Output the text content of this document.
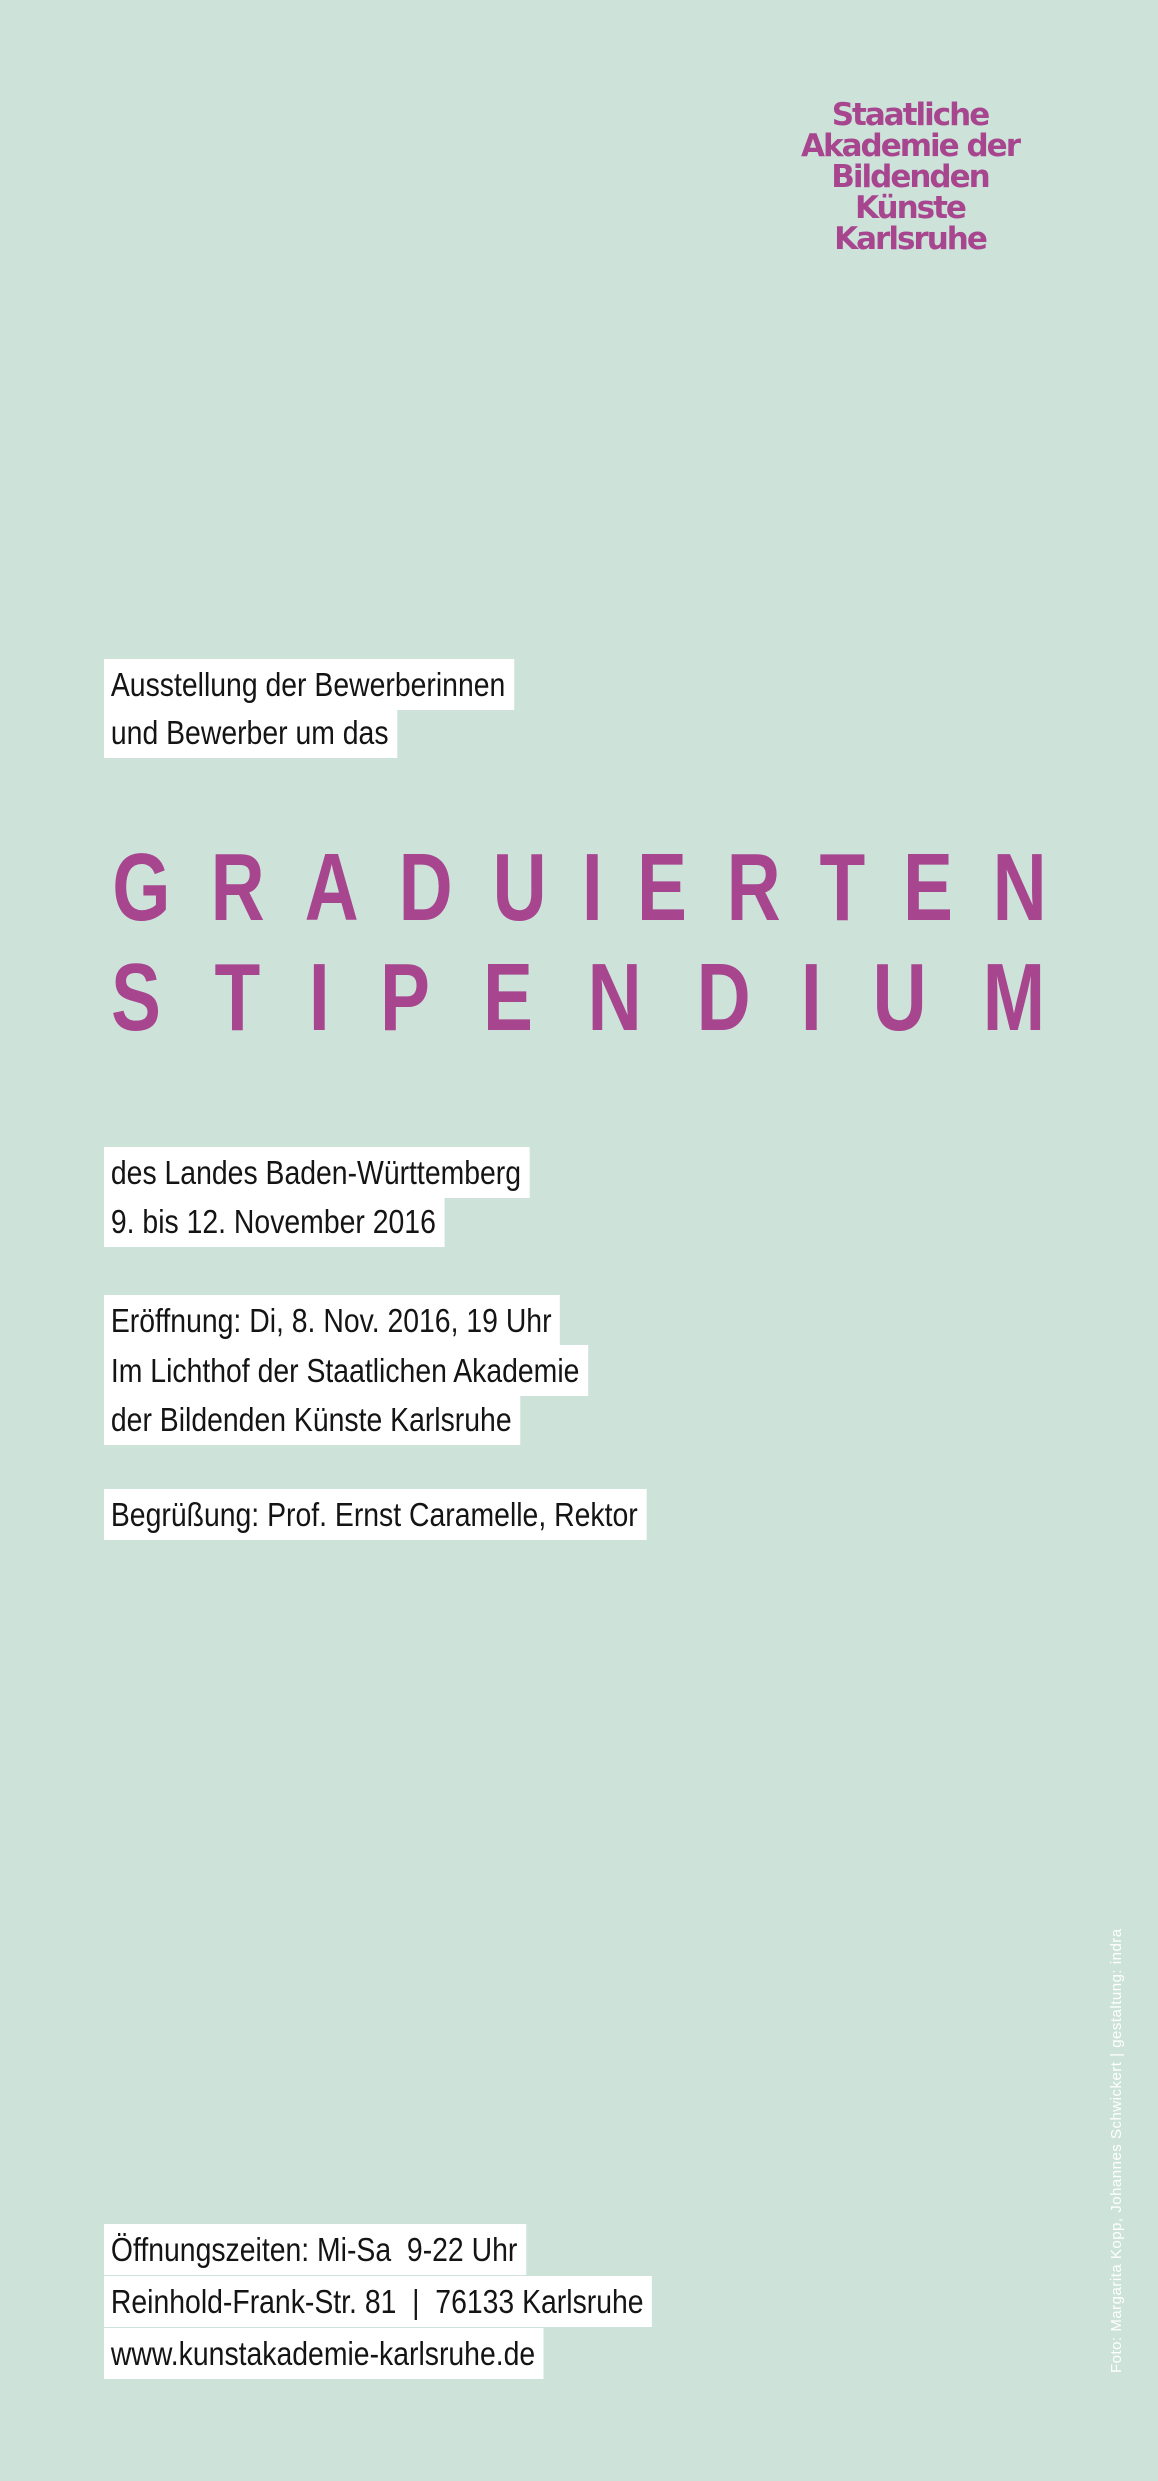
Staatliche
Akademie der
Bildenden
Künste
Karlsruhe
Ausstellung der Bewerberinnen
und Bewerber um das
G R A D U I E R T E N
S T I P E N D I U M
des Landes Baden-Württemberg
9. bis 12. November 2016
Eröffnung: Di, 8. Nov. 2016, 19 Uhr
Im Lichthof der Staatlichen Akademie
der Bildenden Künste Karlsruhe
Begrüßung: Prof. Ernst Caramelle, Rektor
Öffnungszeiten: Mi-Sa  9-22 Uhr
Reinhold-Frank-Str. 81  |  76133 Karlsruhe
www.kunstakademie-karlsruhe.de	Foto: Margarita Kopp, Johannes Schwickert | gestaltung: indra
